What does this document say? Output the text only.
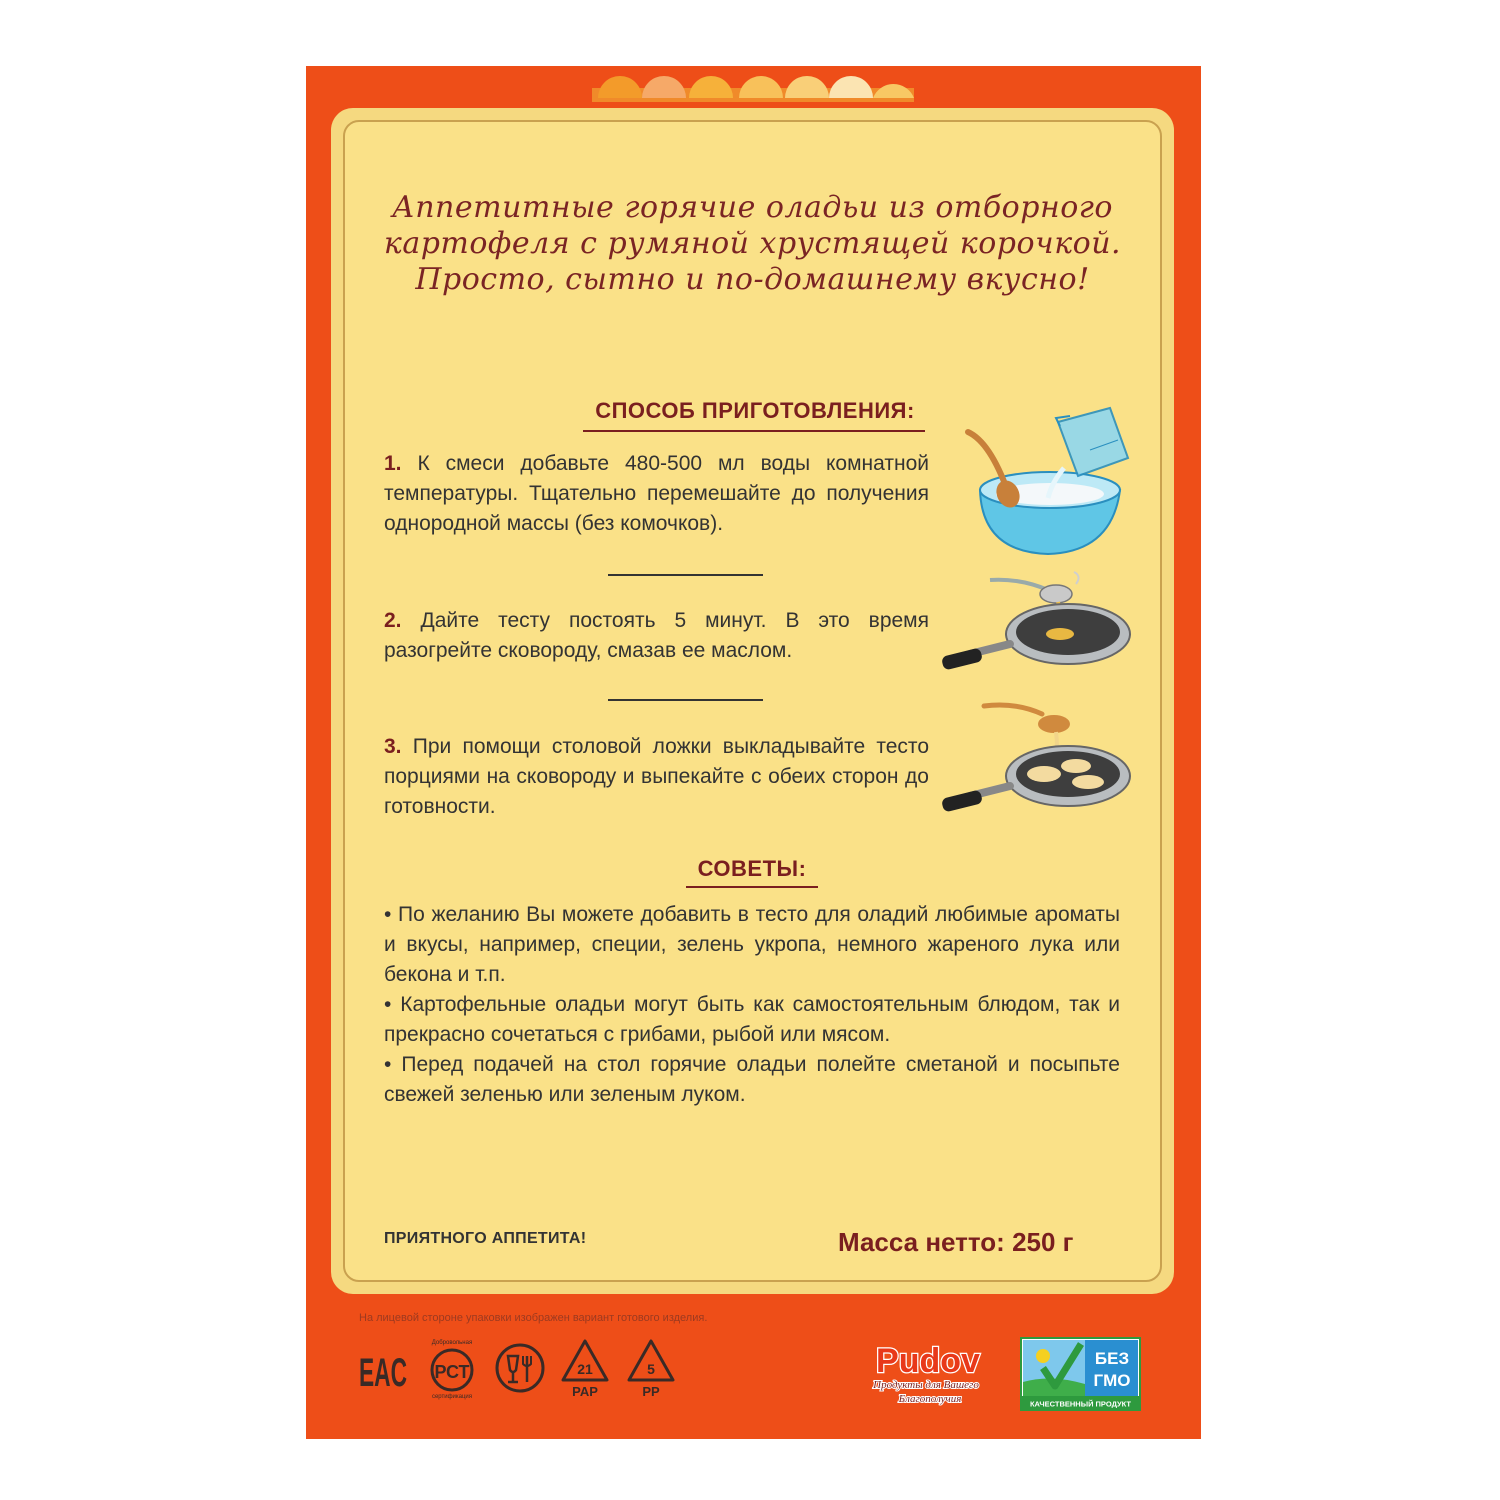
Аппетитные горячие оладьи из отборного картофеля с румяной хрустящей корочкой. Просто, сытно и по-домашнему вкусно!
СПОСОБ ПРИГОТОВЛЕНИЯ:
1. К смеси добавьте 480-500 мл воды комнатной температуры. Тщательно перемешайте до получения однородной массы (без комочков).
2. Дайте тесту постоять 5 минут. В это время разогрейте сковороду, смазав ее маслом.
3. При помощи столовой ложки выкладывайте тесто порциями на сковороду и выпекайте с обеих сторон до готовности.
СОВЕТЫ:

• По желанию Вы можете добавить в тесто для оладий любимые ароматы и вкусы, например, специи, зелень укропа, немного жареного лука или бекона и т.п.

• Картофельные оладьи могут быть как самостоятельным блюдом, так и прекрасно сочетаться с грибами, рыбой или мясом.

• Перед подачей на стол горячие оладьи полейте сметаной и посыпьте свежей зеленью или зеленым луком.

ПРИЯТНОГО АППЕТИТА!	Масса нетто: 250 г
На лицевой стороне упаковки изображен вариант готового изделия.
EAC
Добровольная
РСТ
сертификация
21
PAP
5
PP
Pudov
Продукты для Вашего
Благополучия
БЕЗ
ГМО
КАЧЕСТВЕННЫЙ ПРОДУКТ
